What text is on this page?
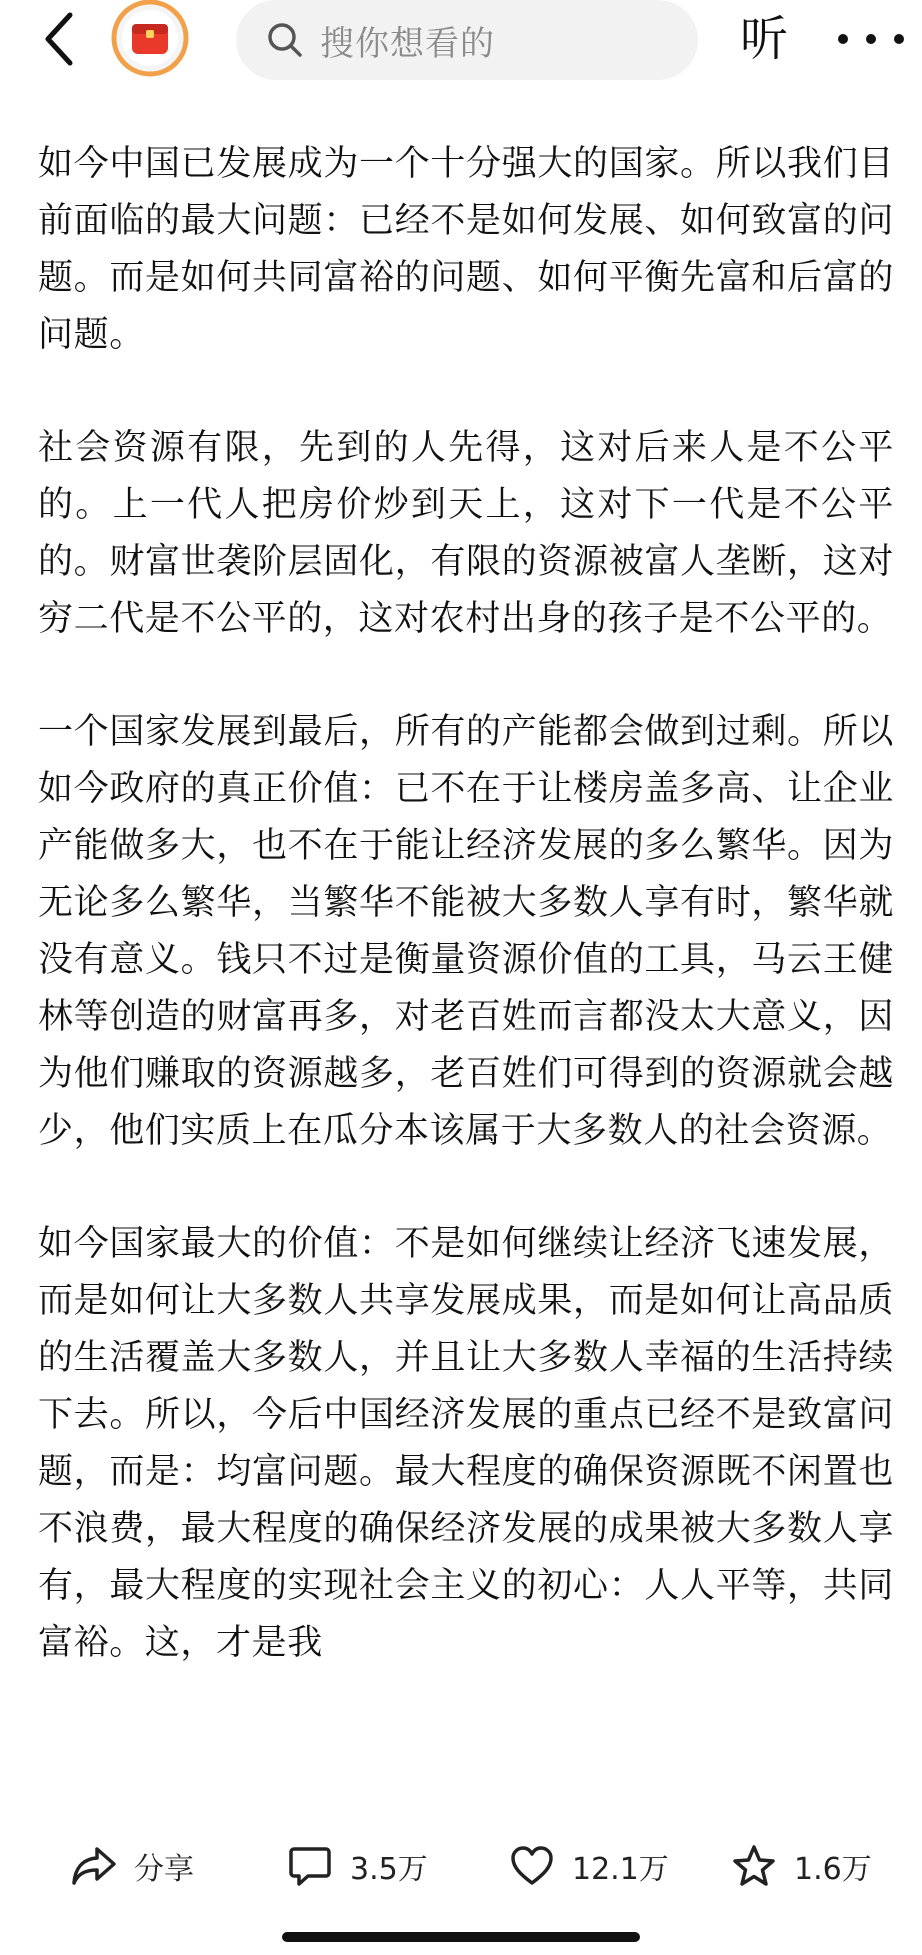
搜你想看的	听

如今中国已发展成为一个十分强大的国家。所以我们目前面临的最大问题：已经不是如何发展、如何致富的问题。而是如何共同富裕的问题、如何平衡先富和后富的问题。

社会资源有限，先到的人先得，这对后来人是不公平的。上一代人把房价炒到天上，这对下一代是不公平的。财富世袭阶层固化，有限的资源被富人垄断，这对穷二代是不公平的，这对农村出身的孩子是不公平的。

一个国家发展到最后，所有的产能都会做到过剩。所以如今政府的真正价值：已不在于让楼房盖多高、让企业产能做多大，也不在于能让经济发展的多么繁华。因为无论多么繁华，当繁华不能被大多数人享有时，繁华就没有意义。钱只不过是衡量资源价值的工具，马云王健林等创造的财富再多，对老百姓而言都没太大意义，因为他们赚取的资源越多，老百姓们可得到的资源就会越少，他们实质上在瓜分本该属于大多数人的社会资源。

如今国家最大的价值：不是如何继续让经济飞速发展，而是如何让大多数人共享发展成果，而是如何让高品质的生活覆盖大多数人，并且让大多数人幸福的生活持续下去。所以，今后中国经济发展的重点已经不是致富问题，而是：均富问题。最大程度的确保资源既不闲置也不浪费，最大程度的确保经济发展的成果被大多数人享有，最大程度的实现社会主义的初心：人人平等，共同富裕。这，才是我

分享	3.5万	12.1万	1.6万
